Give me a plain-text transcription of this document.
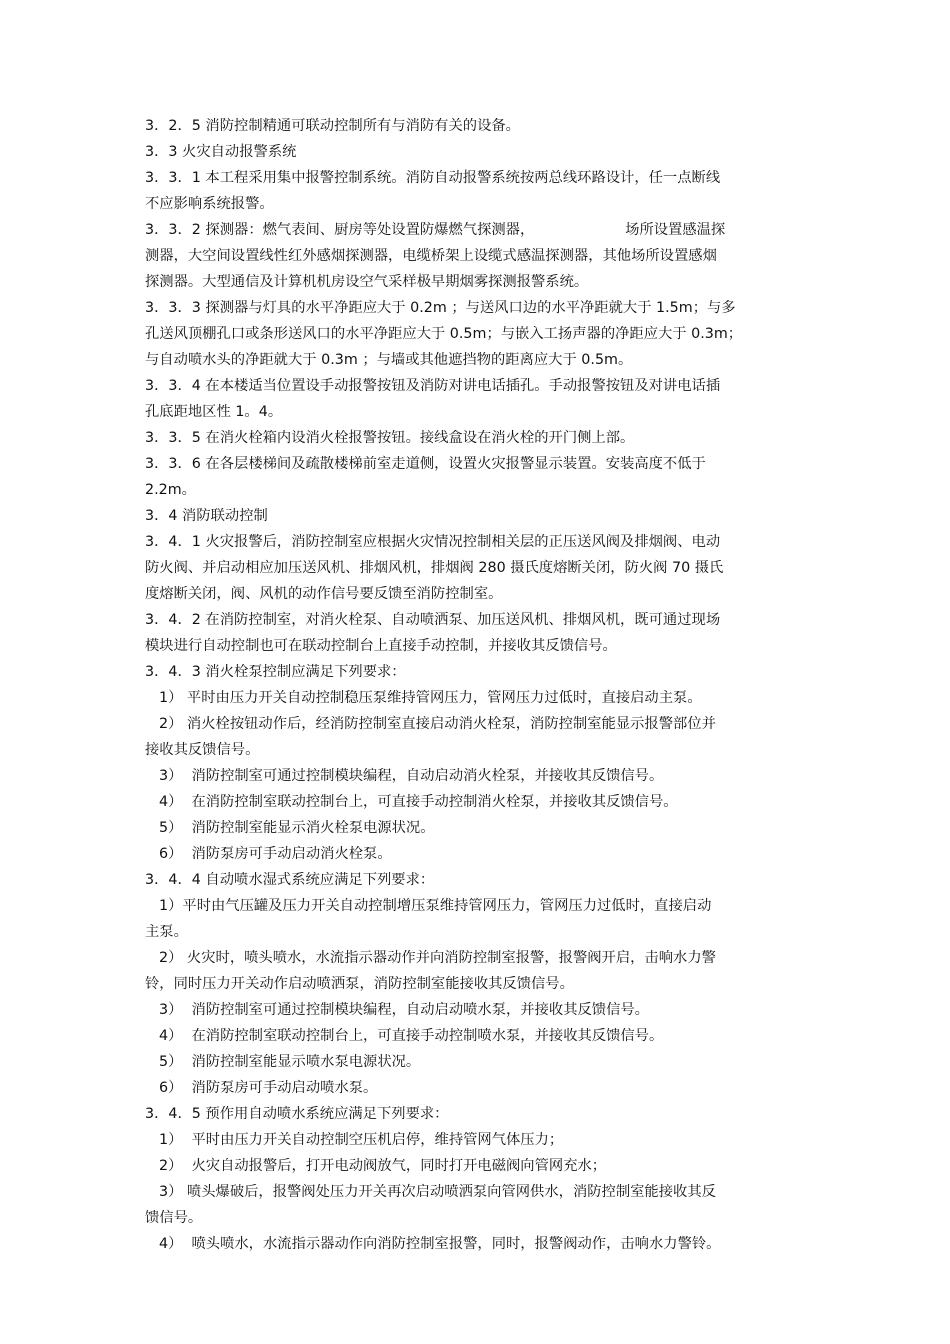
3．2．5 消防控制精通可联动控制所有与消防有关的设备。
3．3 火灾自动报警系统
3．3．1 本工程采用集中报警控制系统。消防自动报警系统按两总线环路设计，任一点断线
不应影响系统报警。
3．3．2 探测器：燃气表间、厨房等处设置防爆燃气探测器，                    场所设置感温探
测器，大空间设置线性红外感烟探测器，电缆桥架上设缆式感温探测器，其他场所设置感烟
探测器。大型通信及计算机机房设空气采样极早期烟雾探测报警系统。
3．3．3 探测器与灯具的水平净距应大于 0.2m ；与送风口边的水平净距就大于 1.5m；与多
孔送风顶棚孔口或条形送风口的水平净距应大于 0.5m；与嵌入工扬声器的净距应大于 0.3m；
与自动喷水头的净距就大于 0.3m ；与墙或其他遮挡物的距离应大于 0.5m。
3．3．4 在本楼适当位置设手动报警按钮及消防对讲电话插孔。手动报警按钮及对讲电话插
孔底距地区性 1。4。
3．3．5 在消火栓箱内设消火栓报警按钮。接线盒设在消火栓的开门侧上部。
3．3．6 在各层楼梯间及疏散楼梯前室走道侧，设置火灾报警显示装置。安装高度不低于
2.2m。
3．4 消防联动控制
3．4．1 火灾报警后，消防控制室应根据火灾情况控制相关层的正压送风阀及排烟阀、电动
防火阀、并启动相应加压送风机、排烟风机，排烟阀 280 摄氏度熔断关闭，防火阀 70 摄氏
度熔断关闭，阀、风机的动作信号要反馈至消防控制室。
3．4．2 在消防控制室，对消火栓泵、自动喷洒泵、加压送风机、排烟风机，既可通过现场
模块进行自动控制也可在联动控制台上直接手动控制，并接收其反馈信号。
3．4．3 消火栓泵控制应满足下列要求：
1） 平时由压力开关自动控制稳压泵维持管网压力，管网压力过低时，直接启动主泵。
2） 消火栓按钮动作后，经消防控制室直接启动消火栓泵，消防控制室能显示报警部位并
接收其反馈信号。
3）  消防控制室可通过控制模块编程，自动启动消火栓泵，并接收其反馈信号。
4）  在消防控制室联动控制台上，可直接手动控制消火栓泵，并接收其反馈信号。
5）  消防控制室能显示消火栓泵电源状况。
6）  消防泵房可手动启动消火栓泵。
3．4．4 自动喷水湿式系统应满足下列要求：
1）平时由气压罐及压力开关自动控制增压泵维持管网压力，管网压力过低时，直接启动
主泵。
2） 火灾时，喷头喷水，水流指示器动作并向消防控制室报警，报警阀开启，击响水力警
铃，同时压力开关动作启动喷洒泵，消防控制室能接收其反馈信号。
3）  消防控制室可通过控制模块编程，自动启动喷水泵，并接收其反馈信号。
4）  在消防控制室联动控制台上，可直接手动控制喷水泵，并接收其反馈信号。
5）  消防控制室能显示喷水泵电源状况。
6）  消防泵房可手动启动喷水泵。
3．4．5 预作用自动喷水系统应满足下列要求：
1）  平时由压力开关自动控制空压机启停，维持管网气体压力；
2）  火灾自动报警后，打开电动阀放气，同时打开电磁阀向管网充水；
3） 喷头爆破后，报警阀处压力开关再次启动喷洒泵向管网供水，消防控制室能接收其反
馈信号。
4）  喷头喷水，水流指示器动作向消防控制室报警，同时，报警阀动作，击响水力警铃。
